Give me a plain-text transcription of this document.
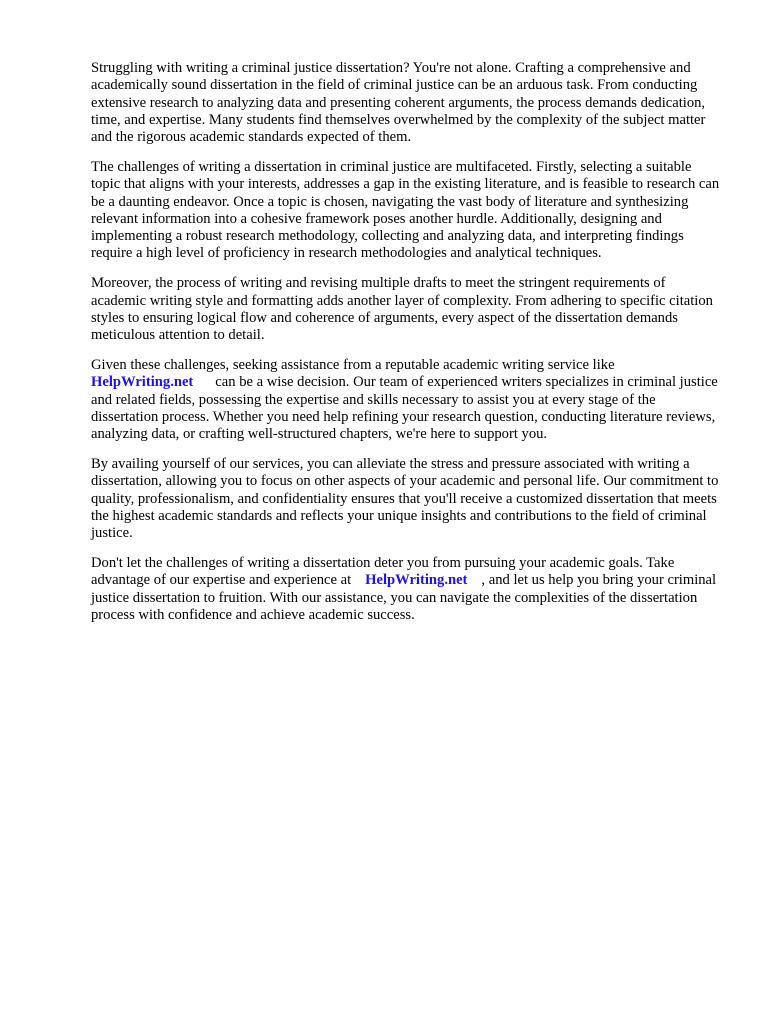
Struggling with writing a criminal justice dissertation? You're not alone. Crafting a comprehensive and academically sound dissertation in the field of criminal justice can be an arduous task. From conducting extensive research to analyzing data and presenting coherent arguments, the process demands dedication, time, and expertise. Many students find themselves overwhelmed by the complexity of the subject matter and the rigorous academic standards expected of them.

The challenges of writing a dissertation in criminal justice are multifaceted. Firstly, selecting a suitable topic that aligns with your interests, addresses a gap in the existing literature, and is feasible to research can be a daunting endeavor. Once a topic is chosen, navigating the vast body of literature and synthesizing relevant information into a cohesive framework poses another hurdle. Additionally, designing and implementing a robust research methodology, collecting and analyzing data, and interpreting findings require a high level of proficiency in research methodologies and analytical techniques.

Moreover, the process of writing and revising multiple drafts to meet the stringent requirements of academic writing style and formatting adds another layer of complexity. From adhering to specific citation styles to ensuring logical flow and coherence of arguments, every aspect of the dissertation demands meticulous attention to detail.

Given these challenges, seeking assistance from a reputable academic writing service like HelpWriting.net can be a wise decision. Our team of experienced writers specializes in criminal justice and related fields, possessing the expertise and skills necessary to assist you at every stage of the dissertation process. Whether you need help refining your research question, conducting literature reviews, analyzing data, or crafting well-structured chapters, we're here to support you.

By availing yourself of our services, you can alleviate the stress and pressure associated with writing a dissertation, allowing you to focus on other aspects of your academic and personal life. Our commitment to quality, professionalism, and confidentiality ensures that you'll receive a customized dissertation that meets the highest academic standards and reflects your unique insights and contributions to the field of criminal justice.

Don't let the challenges of writing a dissertation deter you from pursuing your academic goals. Take advantage of our expertise and experience at HelpWriting.net , and let us help you bring your criminal justice dissertation to fruition. With our assistance, you can navigate the complexities of the dissertation process with confidence and achieve academic success.
